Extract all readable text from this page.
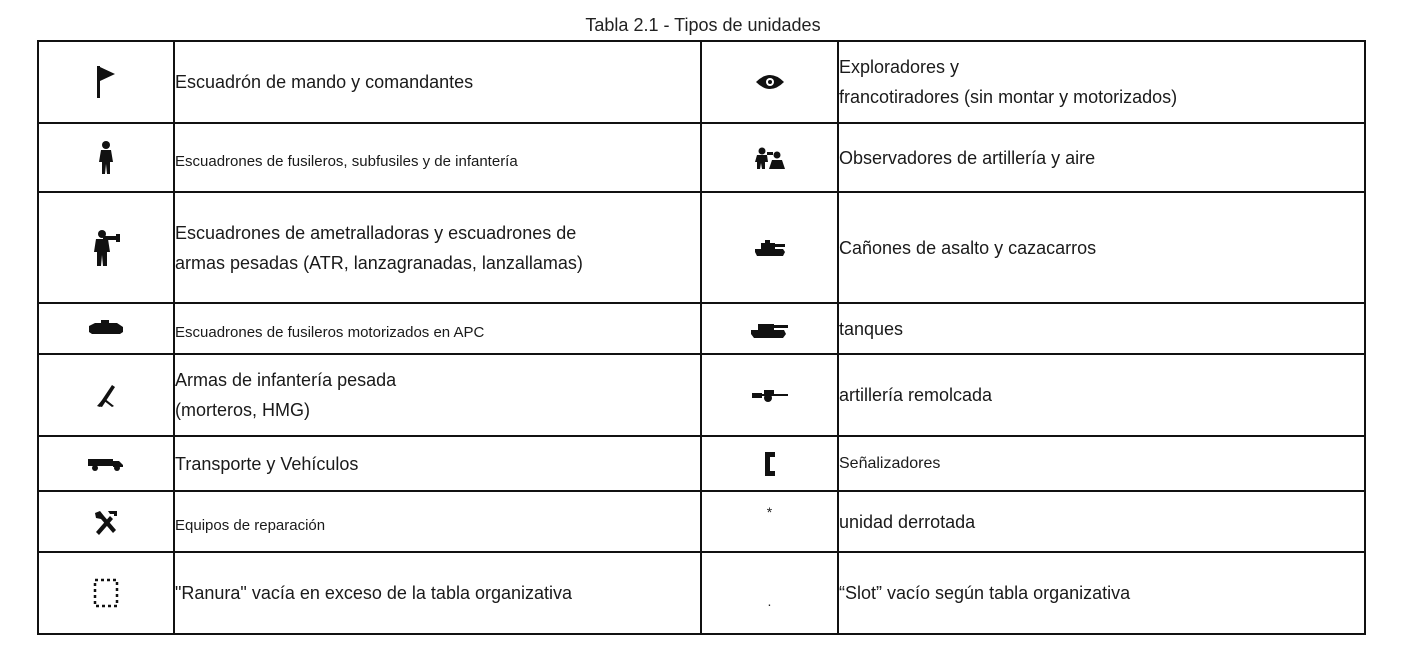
Tabla 2.1 - Tipos de unidades
	Escuadrón de mando y comandantes		Exploradores y
francotiradores (sin montar y motorizados)

	Escuadrones de fusileros, subfusiles y de infantería		Observadores de artillería y aire

Escuadrones de ametralladoras y escuadrones de
armas pesadas (ATR, lanzagranadas, lanzallamas)		Cañones de asalto y cazacarros

	Escuadrones de fusileros motorizados en APC		tanques

Armas de infantería pesada
(morteros, HMG)		artillería remolcada

	Transporte y Vehículos		Señalizadores

	Equipos de reparación	*	unidad derrotada

	"Ranura" vacía en exceso de la tabla organizativa	.	“Slot” vacío según tabla organizativa
